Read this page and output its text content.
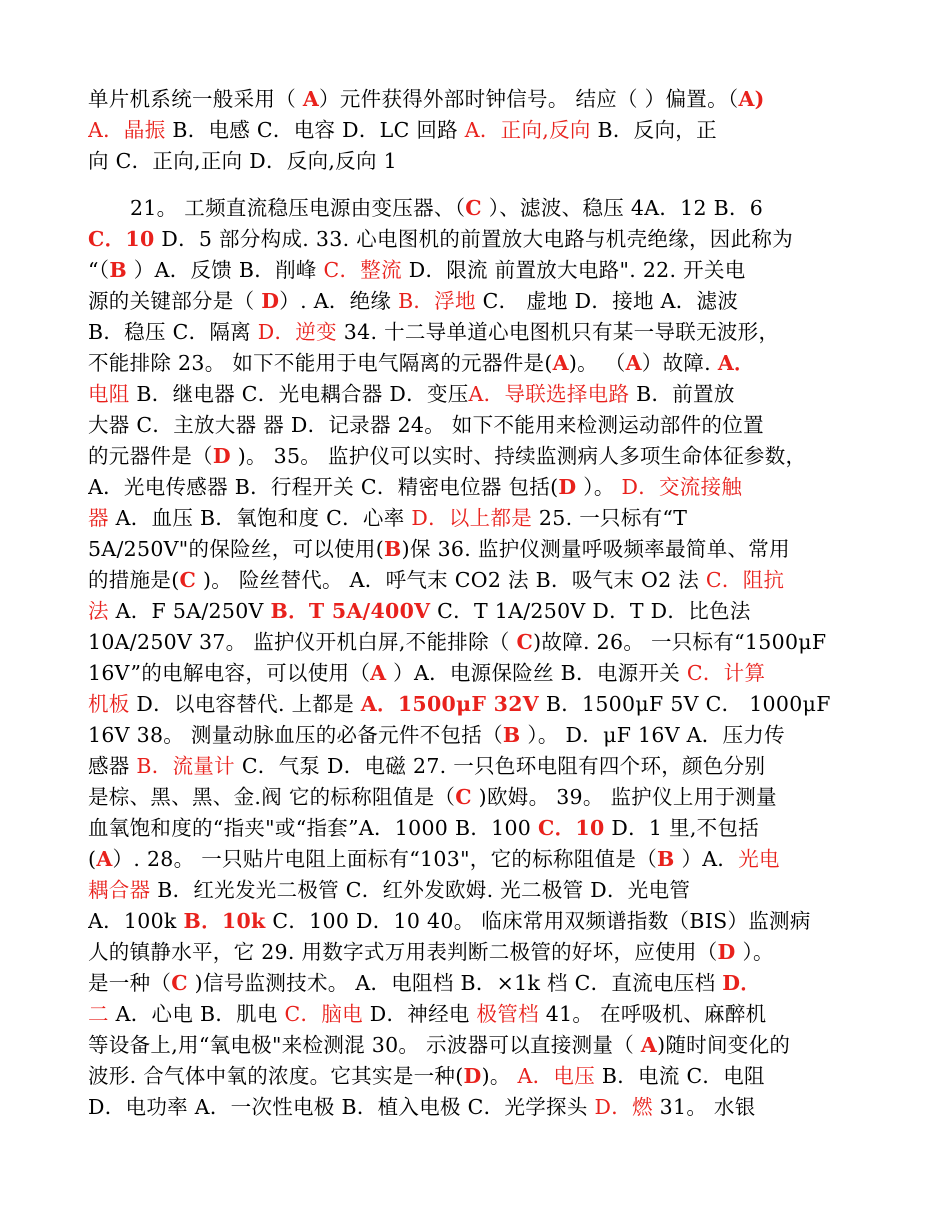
单片机系统一般采用（ A）元件获得外部时钟信号。 结应（ ）偏置。（A)
A．晶振 B．电感 C．电容 D．LC 回路 A．正向,反向 B．反向，正
向 C．正向,正向 D．反向,反向 1
21。 工频直流稳压电源由变压器、（C ）、滤波、稳压 4A．12 B．6
C．10 D．5 部分构成. 33. 心电图机的前置放大电路与机壳绝缘，因此称为
“（B ）A．反馈 B．削峰 C．整流 D．限流 前置放大电路". 22. 开关电
源的关键部分是（ D）. A．绝缘 B．浮地 C． 虚地 D．接地 A．滤波
B．稳压 C．隔离 D．逆变 34. 十二导单道心电图机只有某一导联无波形，
不能排除 23。 如下不能用于电气隔离的元器件是(A)。 （A）故障. A．
电阻 B．继电器 C．光电耦合器 D．变压A．导联选择电路 B．前置放
大器 C．主放大器 器 D．记录器 24。 如下不能用来检测运动部件的位置
的元器件是（D )。 35。 监护仪可以实时、持续监测病人多项生命体征参数，
A．光电传感器 B．行程开关 C．精密电位器 包括(D ）。 D．交流接触
器 A．血压 B．氧饱和度 C．心率 D．以上都是 25. 一只标有“T
5A/250V"的保险丝，可以使用(B)保 36. 监护仪测量呼吸频率最简单、常用
的措施是(C )。 险丝替代。 A．呼气末 CO2 法 B．吸气末 O2 法 C．阻抗
法 A．F 5A/250V B．T 5A/400V C．T 1A/250V D．T D．比色法
10A/250V 37。 监护仪开机白屏,不能排除（ C)故障. 26。 一只标有“1500μF
16V”的电解电容，可以使用（A ）A．电源保险丝 B．电源开关 C．计算
机板 D．以电容替代. 上都是 A．1500μF 32V B．1500μF 5V C． 1000μF
16V 38。 测量动脉血压的必备元件不包括（B ）。 D．μF 16V A．压力传
感器 B．流量计 C．气泵 D．电磁 27. 一只色环电阻有四个环，颜色分别
是棕、黑、黑、金.阀 它的标称阻值是（C )欧姆。 39。 监护仪上用于测量
血氧饱和度的“指夹"或“指套”A．1000 B．100 C．10 D．1 里,不包括
(A）. 28。 一只贴片电阻上面标有“103"，它的标称阻值是（B ）A．光电
耦合器 B．红光发光二极管 C．红外发欧姆. 光二极管 D．光电管
A．100k B．10k C．100 D．10 40。 临床常用双频谱指数（BIS）监测病
人的镇静水平，它 29. 用数字式万用表判断二极管的好坏，应使用（D ）。
是一种（C )信号监测技术。 A．电阻档 B．×1k 档 C．直流电压档 D．
二 A．心电 B．肌电 C．脑电 D．神经电 极管档 41。 在呼吸机、麻醉机
等设备上,用“氧电极"来检测混 30。 示波器可以直接测量（ A)随时间变化的
波形. 合气体中氧的浓度。它其实是一种(D)。 A．电压 B．电流 C．电阻
D．电功率 A．一次性电极 B．植入电极 C．光学探头 D．燃 31。 水银
